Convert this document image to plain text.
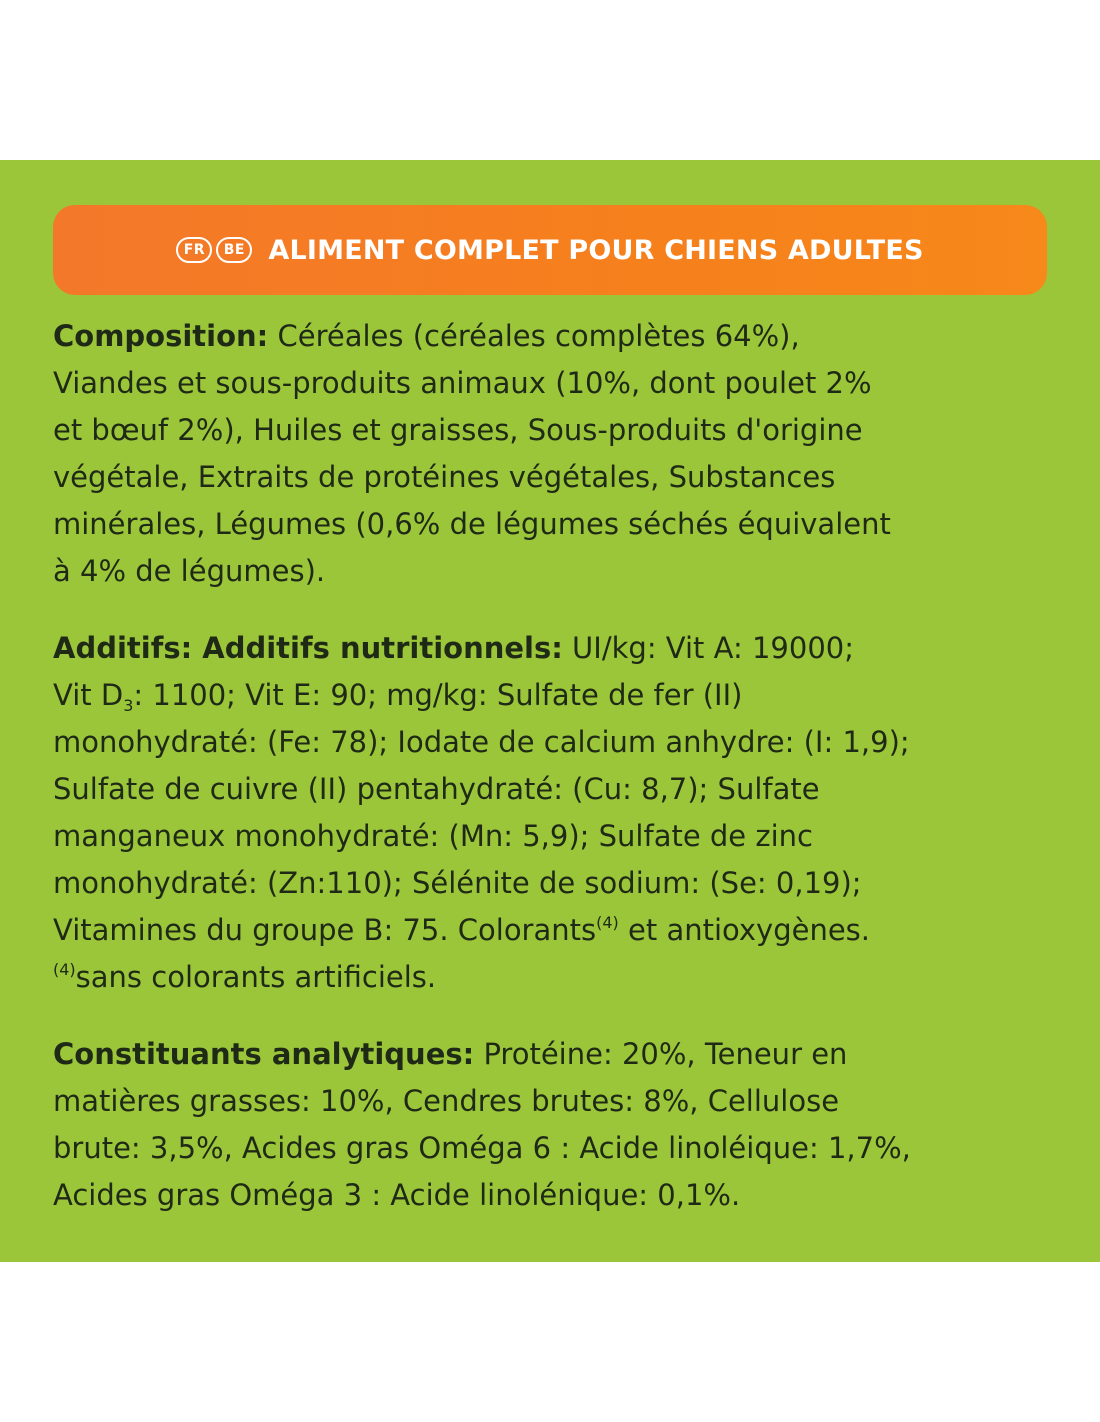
FR	BE ALIMENT COMPLET POUR CHIENS ADULTES
Composition: Céréales (céréales complètes 64%),
Viandes et sous-produits animaux (10%, dont poulet 2%
et bœuf 2%), Huiles et graisses, Sous-produits d'origine
végétale, Extraits de protéines végétales, Substances
minérales, Légumes (0,6% de légumes séchés équivalent
à 4% de légumes).
Additifs: Additifs nutritionnels: UI/kg: Vit A: 19000;
Vit $D_3$: 1100; Vit E: 90; mg/kg: Sulfate de fer (II)
monohydraté: (Fe: 78); Iodate de calcium anhydre: (I: 1,9);
Sulfate de cuivre (II) pentahydraté: (Cu: 8,7); Sulfate
manganeux monohydraté: (Mn: 5,9); Sulfate de zinc
monohydraté: (Zn:110); Sélénite de sodium: (Se: 0,19);
Vitamines du groupe B: 75. Colorants$^{(4)}$ et antioxygènes.
$^{(4)}$sans colorants artificiels.
Constituants analytiques: Protéine: 20%, Teneur en
matières grasses: 10%, Cendres brutes: 8%, Cellulose
brute: 3,5%, Acides gras Oméga 6 : Acide linoléique: 1,7%,
Acides gras Oméga 3 : Acide linolénique: 0,1%.
